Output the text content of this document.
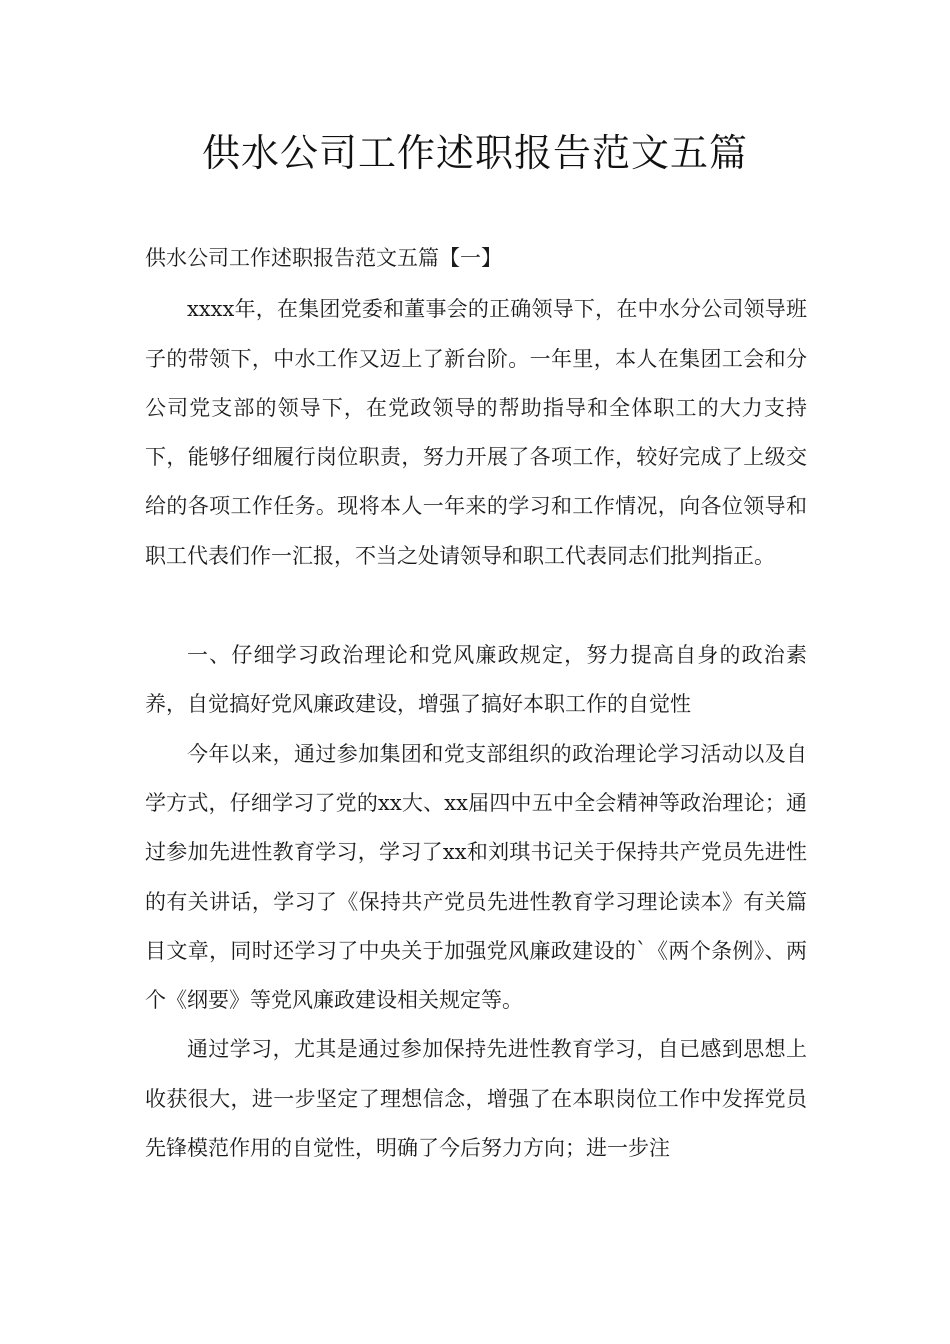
供水公司工作述职报告范文五篇

供水公司工作述职报告范文五篇【一】

xxxx年，在集团党委和董事会的正确领导下，在中水分公司领导班子的带领下，中水工作又迈上了新台阶。一年里，本人在集团工会和分公司党支部的领导下，在党政领导的帮助指导和全体职工的大力支持下，能够仔细履行岗位职责，努力开展了各项工作，较好完成了上级交给的各项工作任务。现将本人一年来的学习和工作情况，向各位领导和职工代表们作一汇报，不当之处请领导和职工代表同志们批判指正。

一、仔细学习政治理论和党风廉政规定，努力提高自身的政治素养，自觉搞好党风廉政建设，增强了搞好本职工作的自觉性

今年以来，通过参加集团和党支部组织的政治理论学习活动以及自学方式，仔细学习了党的xx大、xx届四中五中全会精神等政治理论；通过参加先进性教育学习，学习了xx和刘琪书记关于保持共产党员先进性的有关讲话，学习了《保持共产党员先进性教育学习理论读本》有关篇目文章，同时还学习了中央关于加强党风廉政建设的`《两个条例》、两个《纲要》等党风廉政建设相关规定等。

通过学习，尤其是通过参加保持先进性教育学习，自已感到思想上收获很大，进一步坚定了理想信念，增强了在本职岗位工作中发挥党员先锋模范作用的自觉性，明确了今后努力方向；进一步注
